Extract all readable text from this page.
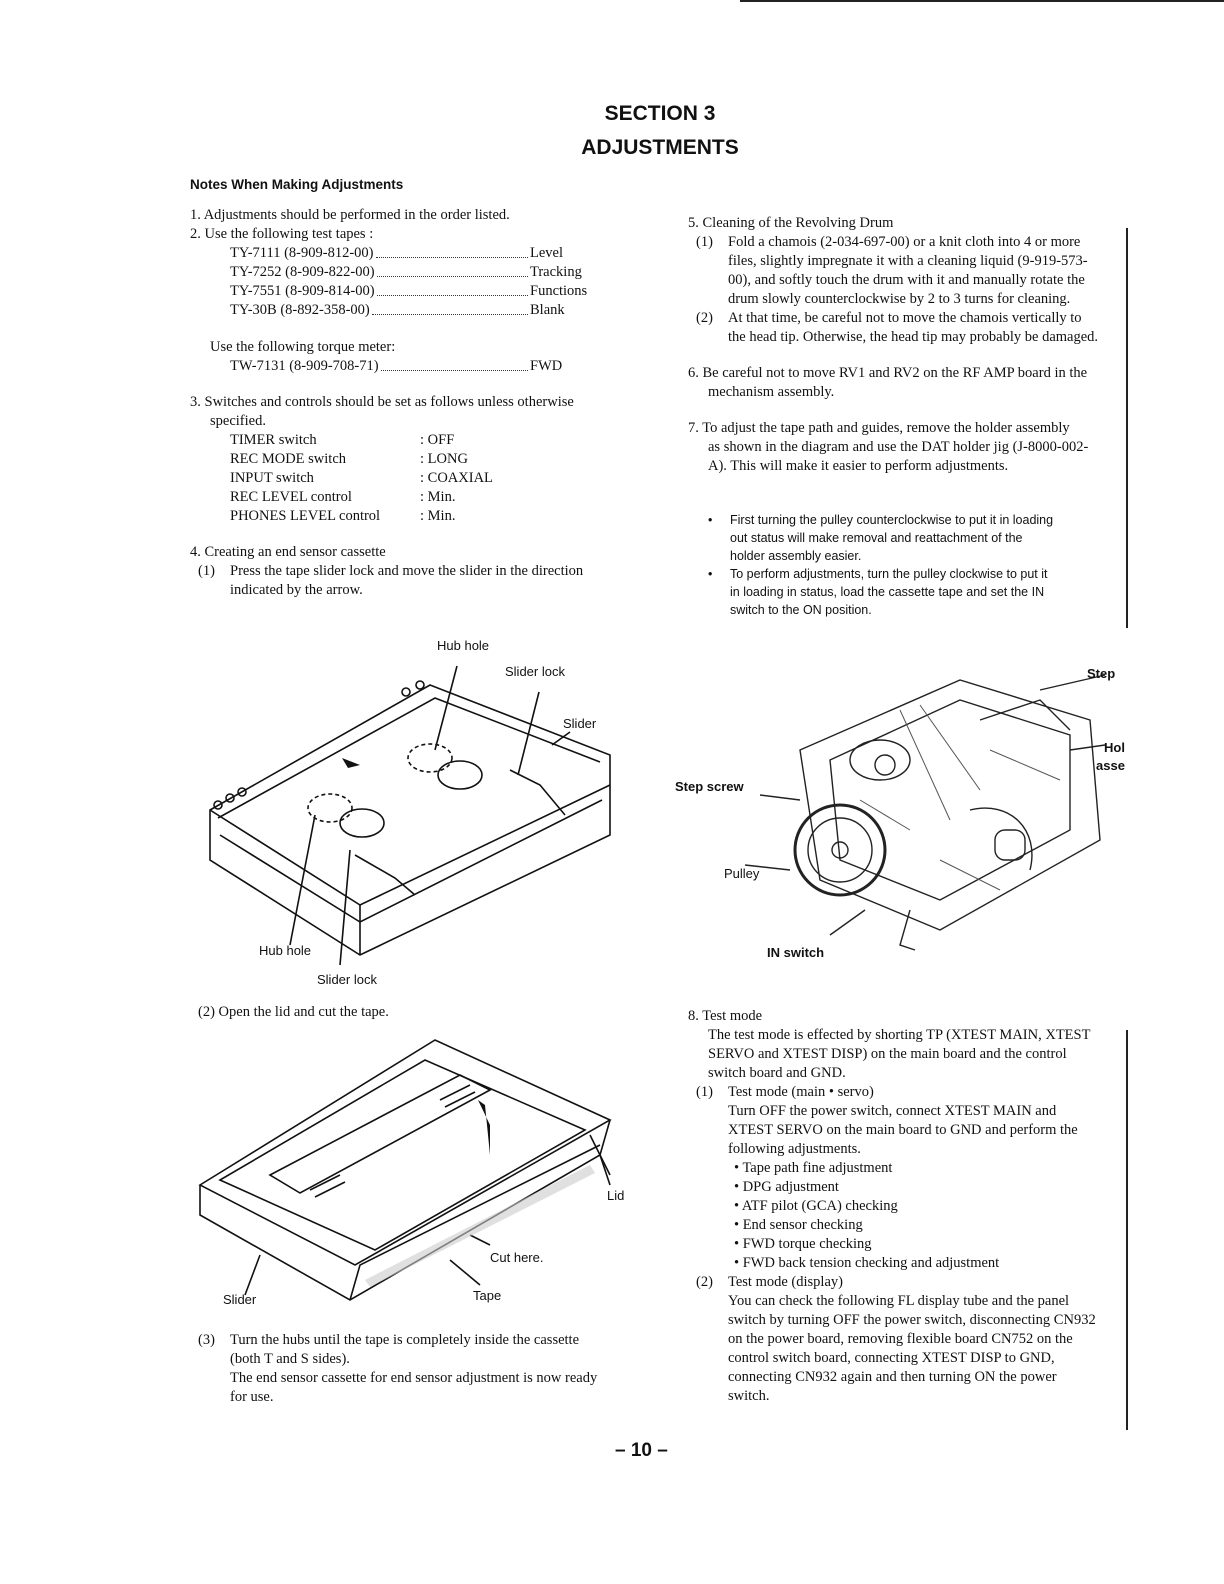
SECTION 3
ADJUSTMENTS
Notes When Making Adjustments
1. Adjustments should be performed in the order listed.
2. Use the following test tapes :
TY-7111 (8-909-812-00)	Level
TY-7252 (8-909-822-00)	Tracking
TY-7551 (8-909-814-00)	Functions
TY-30B (8-892-358-00)	Blank
Use the following torque meter:
TW-7131 (8-909-708-71)	FWD
3. Switches and controls should be set as follows unless otherwise
specified.
TIMER switch	: OFF
REC MODE switch	: LONG
INPUT switch	: COAXIAL
REC LEVEL control	: Min.
PHONES LEVEL control	: Min.
4. Creating an end sensor cassette
(1)	Press the tape slider lock and move the slider in the direction
indicated by the arrow.
Hub hole
Slider lock
Slider
Hub hole
Slider lock
(2) Open the lid and cut the tape.
Lid
Cut here.
Slider	Tape
(3)	Turn the hubs until the tape is completely inside the cassette
(both T and S sides).
The end sensor cassette for end sensor adjustment is now ready
for use.
5. Cleaning of the Revolving Drum
(1)	Fold a chamois (2-034-697-00) or a knit cloth into 4 or more
files, slightly impregnate it with a cleaning liquid (9-919-573-
00), and softly touch the drum with it and manually rotate the
drum slowly counterclockwise by 2 to 3 turns for cleaning.
(2)	At that time, be careful not to move the chamois vertically to
the head tip. Otherwise, the head tip may probably be damaged.
6. Be careful not to move RV1 and RV2 on the RF AMP board in the
mechanism assembly.
7. To adjust the tape path and guides, remove the holder assembly
as shown in the diagram and use the DAT holder jig (J-8000-002-
A). This will make it easier to perform adjustments.
•	First turning the pulley counterclockwise to put it in loading
out status will make removal and reattachment of the
holder assembly easier.
•	To perform adjustments, turn the pulley clockwise to put it
in loading in status, load the cassette tape and set the IN
switch to the ON position.
Step
Hol
asse
Step screw
Pulley
IN switch
8. Test mode
The test mode is effected by shorting TP (XTEST MAIN, XTEST
SERVO and XTEST DISP) on the main board and the control
switch board and GND.
(1)	Test mode (main • servo)
Turn OFF the power switch, connect XTEST MAIN and
XTEST SERVO on the main board to GND and perform the
following adjustments.
• Tape path fine adjustment
• DPG adjustment
• ATF pilot (GCA) checking
• End sensor checking
• FWD torque checking
• FWD back tension checking and adjustment
(2)	Test mode (display)
You can check the following FL display tube and the panel
switch by turning OFF the power switch, disconnecting CN932
on the power board, removing flexible board CN752 on the
control switch board, connecting XTEST DISP to GND,
connecting CN932 again and then turning ON the power
switch.
– 10 –
